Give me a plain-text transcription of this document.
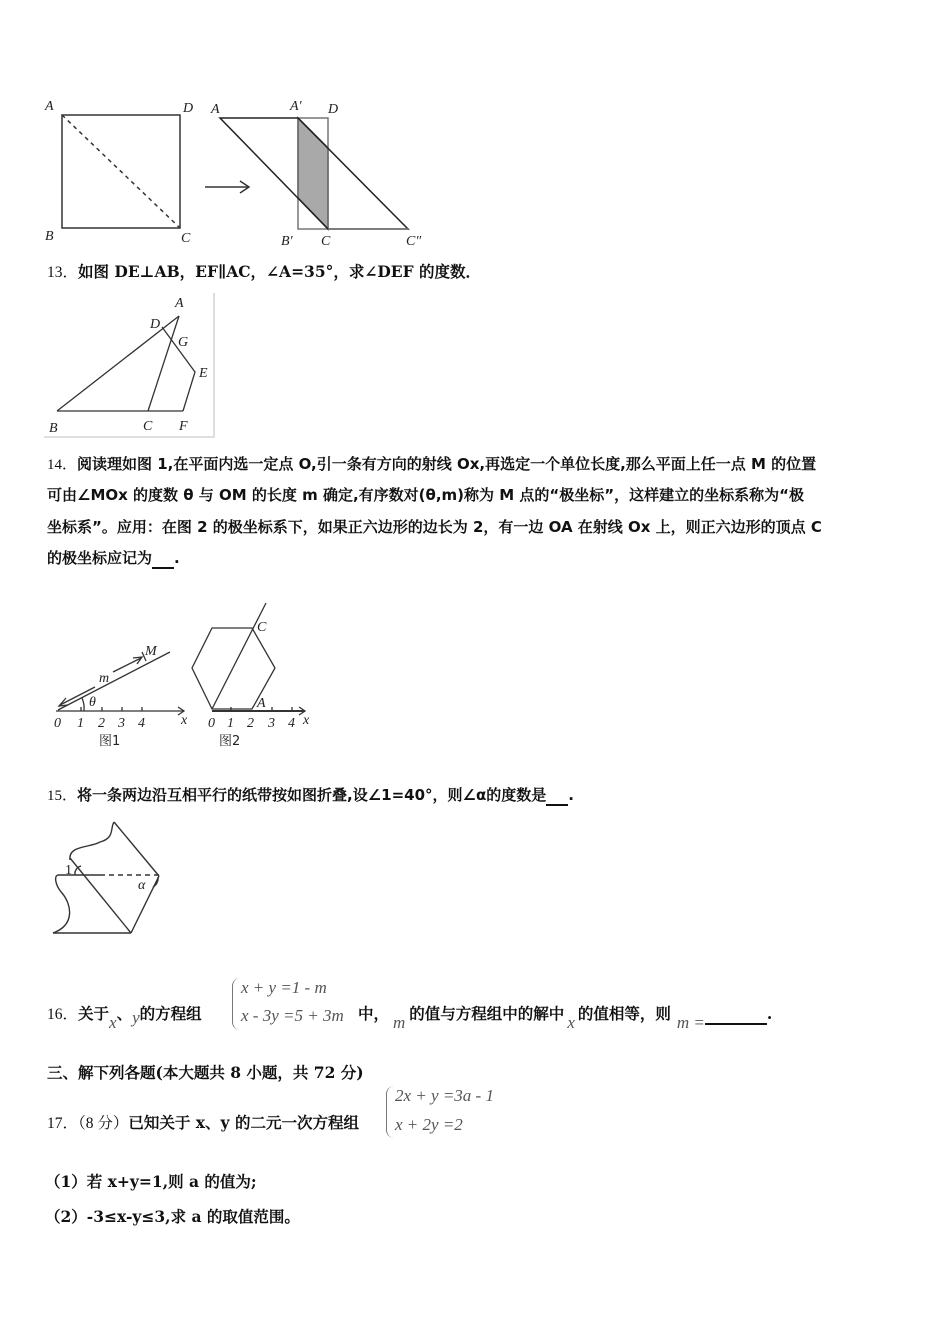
A	D
B	C
A	A′ D
B′ C	C″
A
D
G
E
B	C F
0 1 2 3 4	0 1 2 3 4
x
M
m
θ
图1
x
C
A
图2
1
α
13．如图 DE⊥AB，EF∥AC，∠A=35°，求∠DEF 的度数．
14．阅读理如图 1,在平面内选一定点 O,引一条有方向的射线 Ox,再选定一个单位长度,那么平面上任一点 M 的位置
可由∠MOx 的度数 θ 与 OM 的长度 m 确定,有序数对(θ,m)称为 M 点的“极坐标”，这样建立的坐标系称为“极
坐标系”。应用：在图 2 的极坐标系下，如果正六边形的边长为 2，有一边 OA 在射线 Ox 上，则正六边形的顶点 C
的极坐标应记为 .
15．将一条两边沿互相平行的纸带按如图折叠,设∠1=40°，则∠α的度数是 .
16．关于x、y的方程组
x + y =1 - m
x - 3y =5 + 3m 中， m 的值与方程组中的解中 x 的值相等，则 m =	.
三、解下列各题(本大题共 8 小题，共 72 分)
17．（8 分）已知关于 x、y 的二元一次方程组
2x + y =3a - 1
x + 2y =2
（1）若 x+y=1,则 a 的值为;
（2）-3≤x-y≤3,求 a 的取值范围。
